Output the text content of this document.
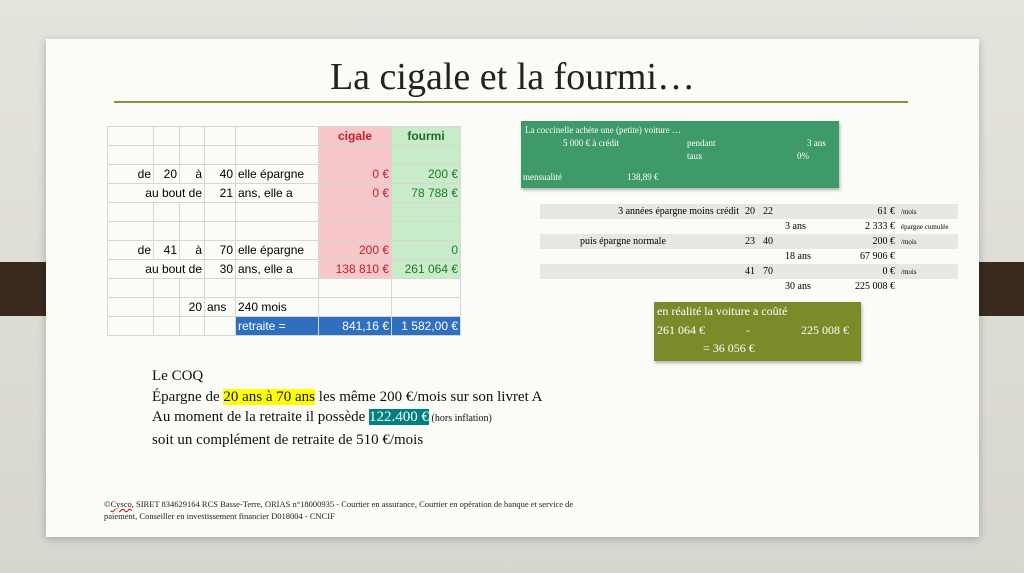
La cigale et la fourmi…
					cigale	fourmi

de	20	à	40	elle épargne	0 €	200 €
au bout de			21	ans, elle a	0 €	78 788 €

de	41	à	70	elle épargne	200 €	0
au bout de			30	ans, elle a	138 810 €	261 064 €

		20	ans	240 mois		
				retraite =	841,16 €	1 582,00 €
La coccinelle achète une (petite) voiture …
5 000 € à crédit	pendant	3 ans
taux	0%
mensualité	138,89 €
3 années épargne moins crédit	20	22		61 €	/mois
			3 ans	2 333 €	épargne cumulée
puis épargne normale	23	40		200 €	/mois
			18 ans	67 906 €	
	41	70		0 €	/mois
			30 ans	225 008 €	
en réalité la voiture a coûté
261 064 €	-	225 008 €
= 36 056 €
Le COQ
Épargne de 20 ans à 70 ans les même 200 €/mois sur son livret A
Au moment de la retraite il possède 122.400 € (hors inflation)
soit un complément de retraite de 510 €/mois
©Cysco, SIRET 834629164 RCS Basse-Terre, ORIAS n°18000935 - Courtier en assurance, Courtier en opération de banque et service de
paiement, Conseiller en investissement financier D018004 - CNCIF
